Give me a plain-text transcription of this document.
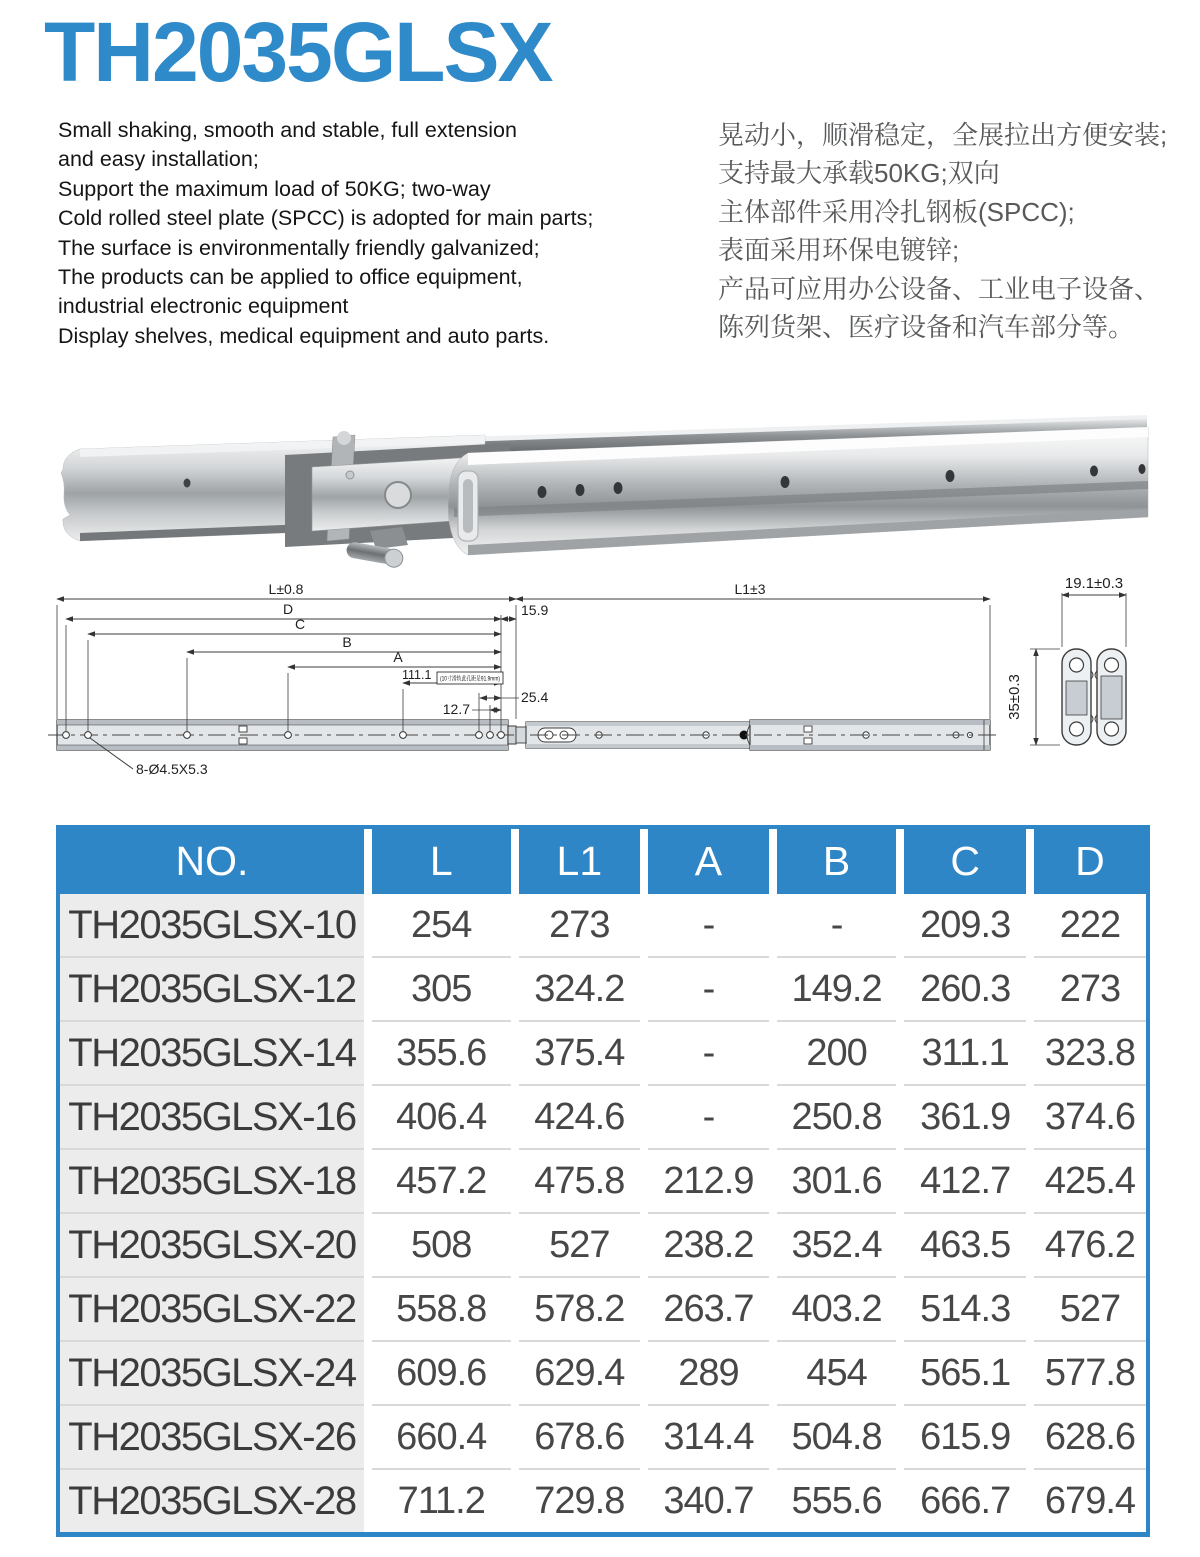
TH2035GLSX
Small shaking, smooth and stable, full extension
and easy installation;
Support the maximum load of 50KG; two-way
Cold rolled steel plate (SPCC) is adopted for main parts;
The surface is environmentally friendly galvanized;
The products can be applied to office equipment,
industrial electronic equipment
Display shelves, medical equipment and auto parts.
晃动小，顺滑稳定，全展拉出方便安装;
支持最大承载50KG;双向
主体部件采用冷扎钢板(SPCC);
表面采用环保电镀锌;
产品可应用办公设备、工业电子设备、
陈列货架、医疗设备和汽车部分等。
L±0.8
D	15.9
C
B
A
111.1 (10寸滑轨此孔距是91.9mm)
25.4
12.7
8-Ø4.5X5.3
L1±3	19.1±0.3
35±0.3
NO.	L	L1	A	B	C	D
TH2035GLSX-10	254	273	-	-	209.3	222
TH2035GLSX-12	305	324.2	-	149.2	260.3	273
TH2035GLSX-14	355.6	375.4	-	200	311.1 323.8
TH2035GLSX-16	406.4	424.6	-	250.8	361.9 374.6
TH2035GLSX-18	457.2	475.8	212.9	301.6	412.7 425.4
TH2035GLSX-20	508	527	238.2	352.4	463.5 476.2
TH2035GLSX-22	558.8	578.2	263.7	403.2	514.3	527
TH2035GLSX-24	609.6	629.4	289	454	565.1 577.8
TH2035GLSX-26	660.4	678.6	314.4	504.8	615.9 628.6
TH2035GLSX-28	711.2	729.8	340.7	555.6	666.7 679.4
